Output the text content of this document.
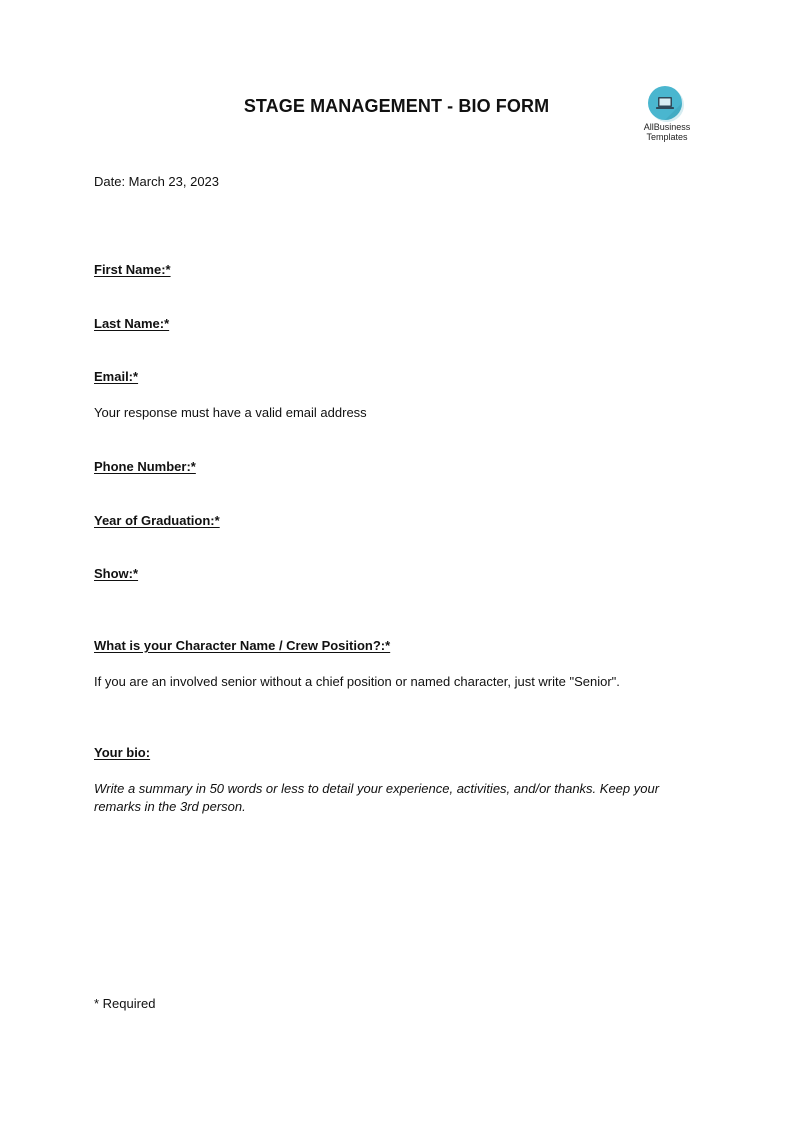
STAGE MANAGEMENT - BIO FORM
AllBusiness
Templates
Date: March 23, 2023
First Name:*
Last Name:*
Email:*
Your response must have a valid email address
Phone Number:*
Year of Graduation:*
Show:*
What is your Character Name / Crew Position?:*
If you are an involved senior without a chief position or named character, just write "Senior".
Your bio:
Write a summary in 50 words or less to detail your experience, activities, and/or thanks. Keep your remarks in the 3rd person.
* Required
